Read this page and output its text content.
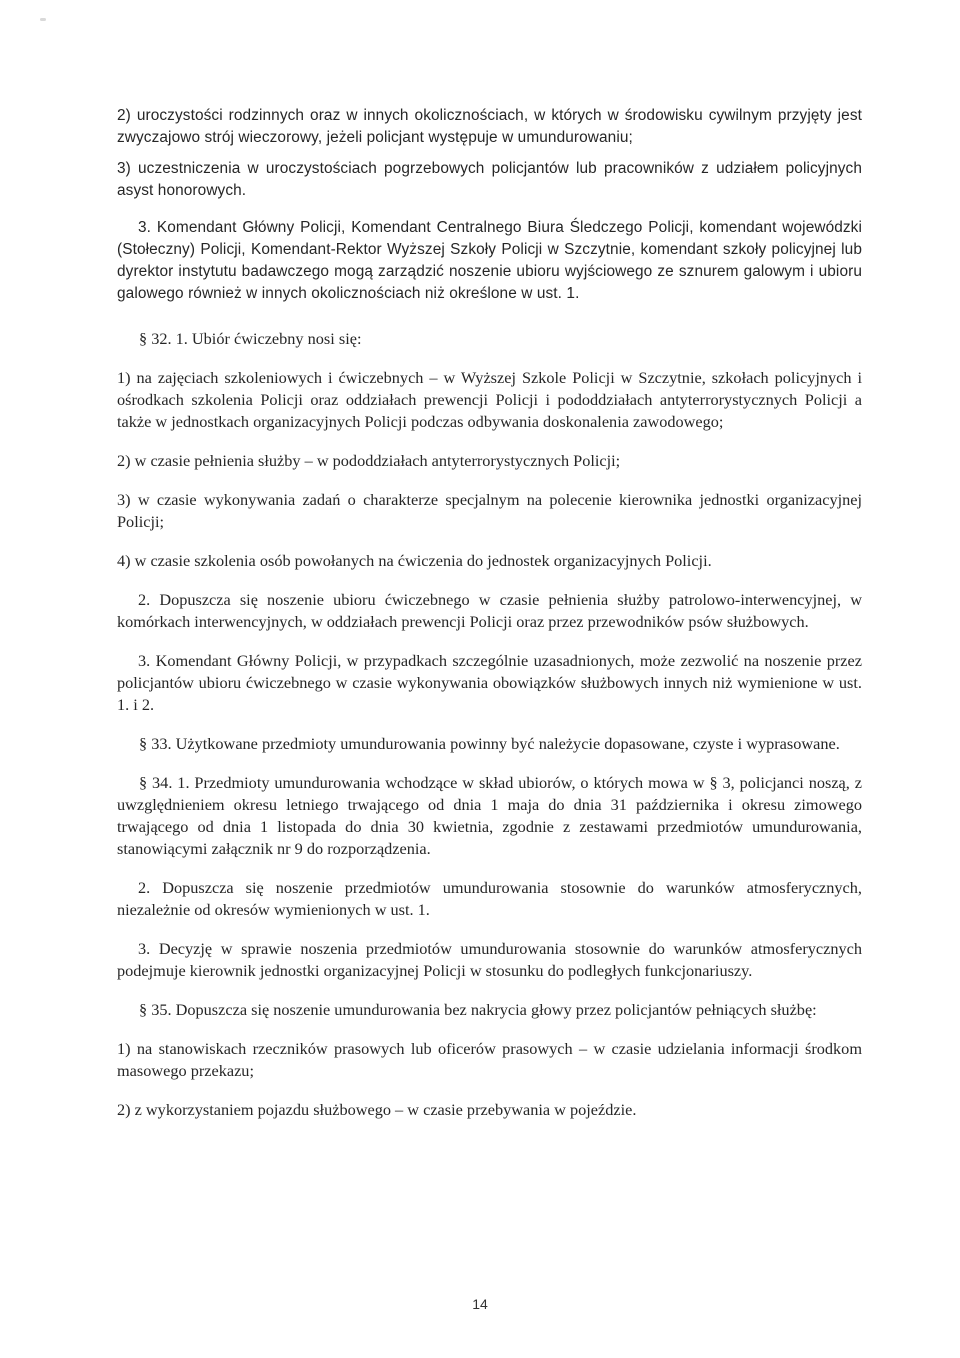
2) uroczystości rodzinnych oraz w innych okolicznościach, w których w środowisku cywilnym przyjęty jest zwyczajowo strój wieczorowy, jeżeli policjant występuje w umundurowaniu;

3) uczestniczenia w uroczystościach pogrzebowych policjantów lub pracowników z udziałem policyjnych asyst honorowych.

3. Komendant Główny Policji, Komendant Centralnego Biura Śledczego Policji, komendant wojewódzki (Stołeczny) Policji, Komendant-Rektor Wyższej Szkoły Policji w Szczytnie, komendant szkoły policyjnej lub dyrektor instytutu badawczego mogą zarządzić noszenie ubioru wyjściowego ze sznurem galowym i ubioru galowego również w innych okolicznościach niż określone w ust. 1.

§ 32. 1. Ubiór ćwiczebny nosi się:

1) na zajęciach szkoleniowych i ćwiczebnych – w Wyższej Szkole Policji w Szczytnie, szkołach policyjnych i ośrodkach szkolenia Policji oraz oddziałach prewencji Policji i pododdziałach antyterrorystycznych Policji a także w jednostkach organizacyjnych Policji podczas odbywania doskonalenia zawodowego;

2) w czasie pełnienia służby – w pododdziałach antyterrorystycznych Policji;

3) w czasie wykonywania zadań o charakterze specjalnym na polecenie kierownika jednostki organizacyjnej Policji;

4) w czasie szkolenia osób powołanych na ćwiczenia do jednostek organizacyjnych Policji.

2. Dopuszcza się noszenie ubioru ćwiczebnego w czasie pełnienia służby patrolowo-interwencyjnej, w komórkach interwencyjnych, w oddziałach prewencji Policji oraz przez przewodników psów służbowych.

3. Komendant Główny Policji, w przypadkach szczególnie uzasadnionych, może zezwolić na noszenie przez policjantów ubioru ćwiczebnego w czasie wykonywania obowiązków służbowych innych niż wymienione w ust. 1. i 2.

§ 33. Użytkowane przedmioty umundurowania powinny być należycie dopasowane, czyste i wyprasowane.

§ 34. 1. Przedmioty umundurowania wchodzące w skład ubiorów, o których mowa w § 3, policjanci noszą, z uwzględnieniem okresu letniego trwającego od dnia 1 maja do dnia 31 października i okresu zimowego trwającego od dnia 1 listopada do dnia 30 kwietnia, zgodnie z zestawami przedmiotów umundurowania, stanowiącymi załącznik nr 9 do rozporządzenia.

2. Dopuszcza się noszenie przedmiotów umundurowania stosownie do warunków atmosferycznych, niezależnie od okresów wymienionych w ust. 1.

3. Decyzję w sprawie noszenia przedmiotów umundurowania stosownie do warunków atmosferycznych podejmuje kierownik jednostki organizacyjnej Policji w stosunku do podległych funkcjonariuszy.

§ 35. Dopuszcza się noszenie umundurowania bez nakrycia głowy przez policjantów pełniących służbę:

1) na stanowiskach rzeczników prasowych lub oficerów prasowych – w czasie udzielania informacji środkom masowego przekazu;

2) z wykorzystaniem pojazdu służbowego – w czasie przebywania w pojeździe.

14
